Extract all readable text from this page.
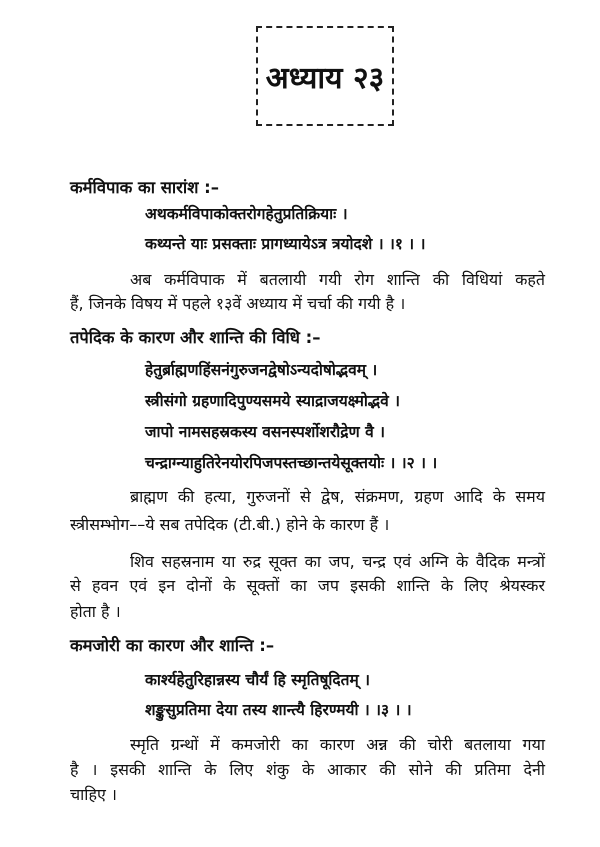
अध्याय २३
कर्मविपाक का सारांश :–
अथकर्मविपाकोक्तरोगहेतुप्रतिक्रियाः ।
कथ्यन्ते याः प्रसक्ताः प्रागध्यायेऽत्र त्रयोदशे । ।१ । ।
अब कर्मविपाक में बतलायी गयी रोग शान्ति की विधियां कहते
हैं, जिनके विषय में पहले १३वें अध्याय में चर्चा की गयी है ।
तपेदिक के कारण और शान्ति की विधि :–
हेतुर्ब्राह्मणहिंसनंगुरुजनद्वेषोऽन्यदोषोद्भवम् ।
स्त्रीसंगो ग्रहणादिपुण्यसमये स्याद्राजयक्ष्मोद्भवे ।
जापो नामसहस्रकस्य वसनस्पर्शोशरौद्रेण वै ।
चन्द्राग्न्याहुतिरेनयोरपिजपस्तच्छान्तयेसूक्तयोः । ।२ । ।
ब्राह्मण की हत्या, गुरुजनों से द्वेष, संक्रमण, ग्रहण आदि के समय
स्त्रीसम्भोग––ये सब तपेदिक (टी.बी.) होने के कारण हैं ।
शिव सहस्रनाम या रुद्र सूक्त का जप, चन्द्र एवं अग्नि के वैदिक मन्त्रों
से हवन एवं इन दोनों के सूक्तों का जप इसकी शान्ति के लिए श्रेयस्कर
होता है ।
कमजोरी का कारण और शान्ति :–
कार्श्यहेतुरिहान्नस्य चौर्यं हि स्मृतिषूदितम् ।
शङ्कुसुप्रतिमा देया तस्य शान्त्यै हिरण्मयी । ।३ । ।
स्मृति ग्रन्थों में कमजोरी का कारण अन्न की चोरी बतलाया गया
है । इसकी शान्ति के लिए शंकु के आकार की सोने की प्रतिमा देनी
चाहिए ।
